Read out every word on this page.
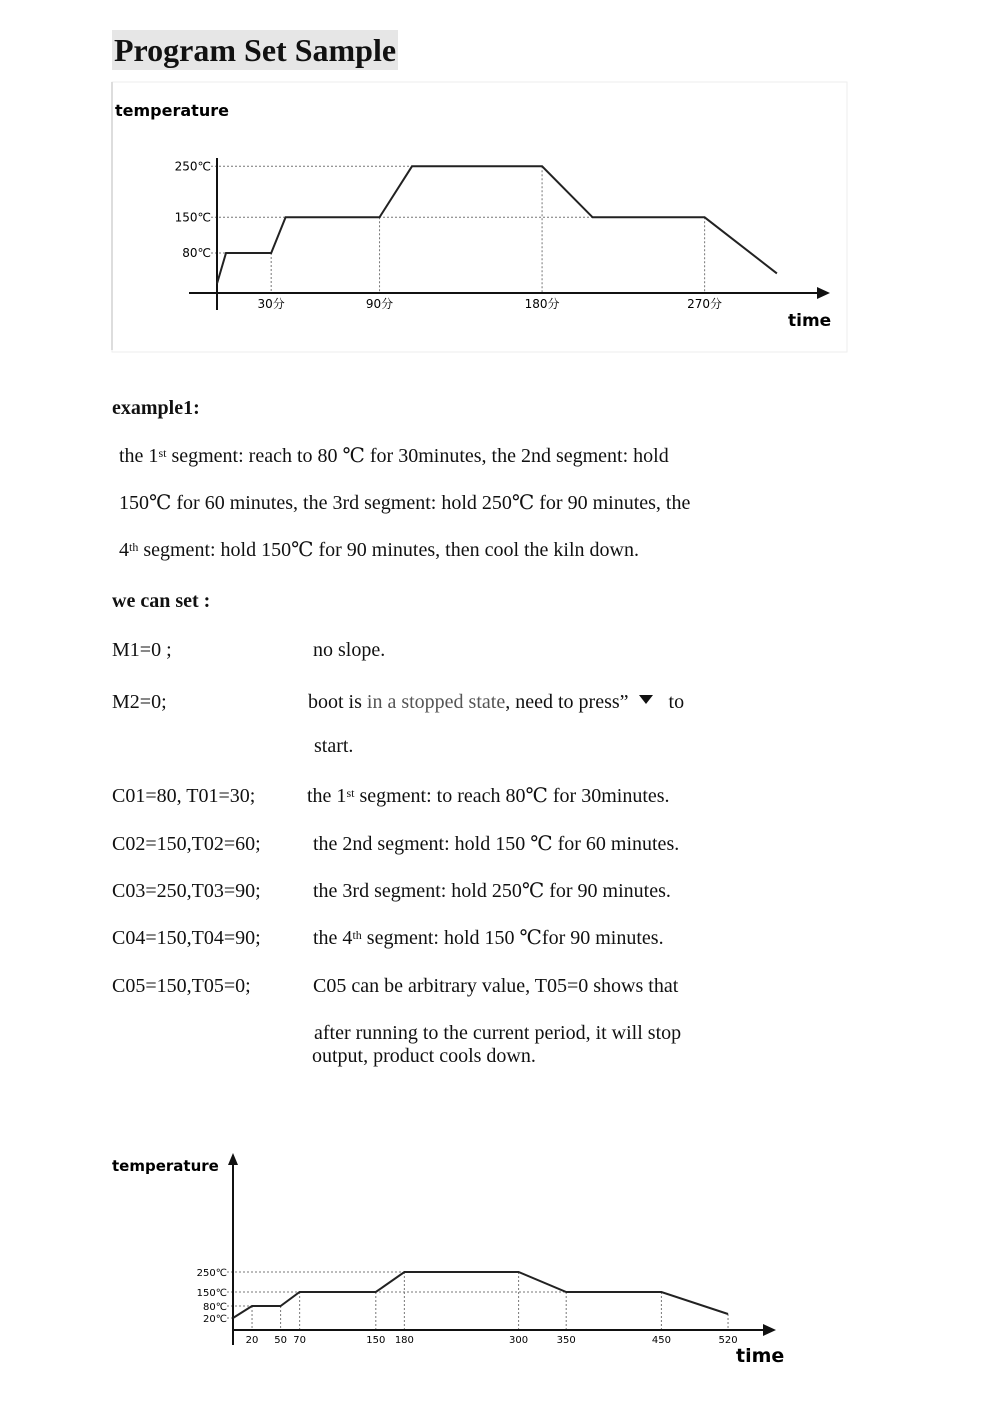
Program Set Sample
250℃
150℃
80℃
30分	90分	180分	270分
temperature
time
example1:
the 1st segment: reach to 80 ℃ for 30minutes, the 2nd segment: hold
150℃ for 60 minutes, the 3rd segment: hold 250℃ for 90 minutes, the
4th segment: hold 150℃ for 90 minutes, then cool the kiln down.
we can set :
M1=0 ;	no slope.
M2=0;	boot is in a stopped state, need to press” to
start.
C01=80, T01=30;	the 1st segment: to reach 80℃ for 30minutes.
C02=150,T02=60;	the 2nd segment: hold 150 ℃ for 60 minutes.
C03=250,T03=90;	the 3rd segment: hold 250℃ for 90 minutes.
C04=150,T04=90;	the 4th segment: hold 150 ℃for 90 minutes.
C05=150,T05=0;	C05 can be arbitrary value, T05=0 shows that
after running to the current period, it will stop
output, product cools down.
250℃
150℃
80℃
20℃
20 50 70	150 180	300	350	450	520
temperature
time
